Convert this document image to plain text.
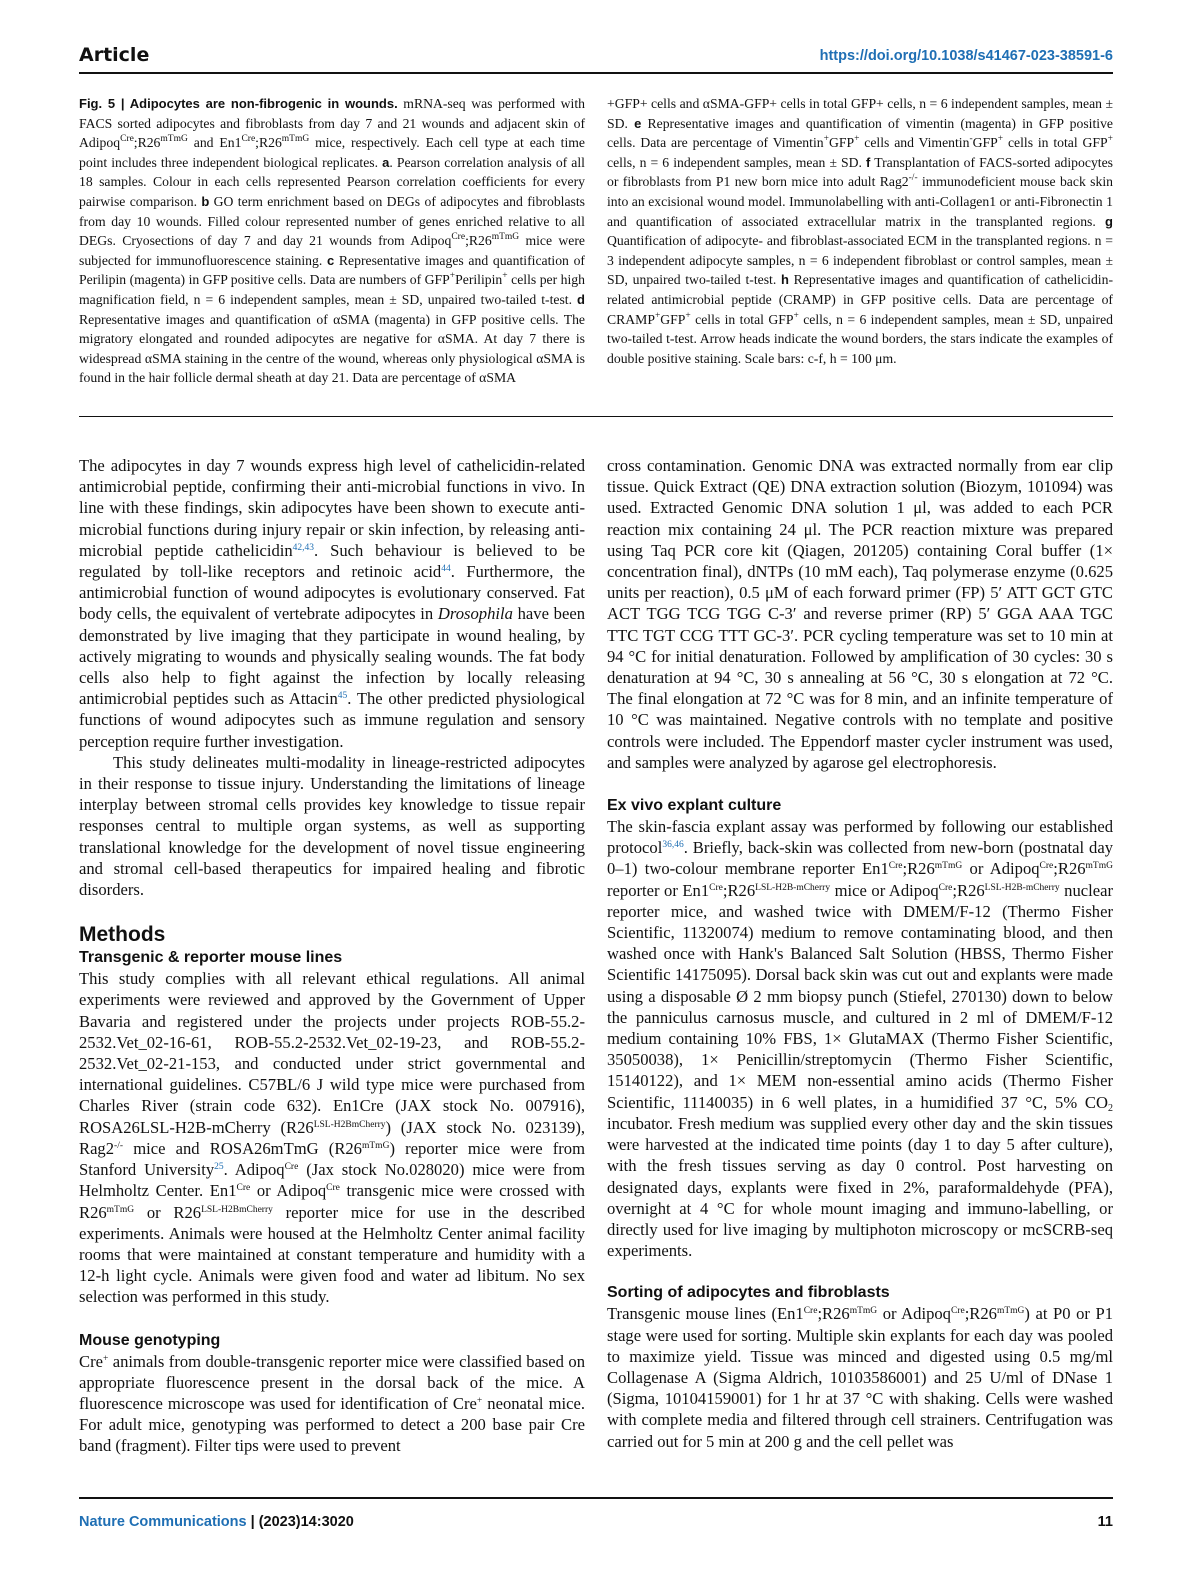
Article	https://doi.org/10.1038/s41467-023-38591-6
Fig. 5 | Adipocytes are non-fibrogenic in wounds. mRNA-seq was performed with FACS sorted adipocytes and fibroblasts from day 7 and 21 wounds and adjacent skin of $Adipoq^{Cre};R26^{mTmG}$ and $En1^{Cre};R26^{mTmG}$ mice, respectively. Each cell type at each time point includes three independent biological replicates. a. Pearson correlation analysis of all 18 samples. Colour in each cells represented Pearson correlation coefficients for every pairwise comparison. b GO term enrichment based on DEGs of adipocytes and fibroblasts from day 10 wounds. Filled colour represented number of genes enriched relative to all DEGs. Cryosections of day 7 and day 21 wounds from $Adipoq^{Cre};R26^{mTmG}$ mice were subjected for immunofluorescence staining. c Representative images and quantification of Perilipin (magenta) in GFP positive cells. Data are numbers of GFP+Perilipin+ cells per high magnification field, n = 6 independent samples, mean ± SD, unpaired two-tailed t-test. d Representative images and quantification of αSMA (magenta) in GFP positive cells. The migratory elongated and rounded adipocytes are negative for αSMA. At day 7 there is widespread αSMA staining in the centre of the wound, whereas only physiological αSMA is found in the hair follicle dermal sheath at day 21. Data are percentage of αSMA
+GFP+ cells and αSMA-GFP+ cells in total GFP+ cells, n = 6 independent samples, mean ± SD. e Representative images and quantification of vimentin (magenta) in GFP positive cells. Data are percentage of Vimentin+GFP+ cells and Vimentin-GFP+ cells in total GFP+ cells, n = 6 independent samples, mean ± SD. f Transplantation of FACS-sorted adipocytes or fibroblasts from P1 new born mice into adult Rag2-/- immunodeficient mouse back skin into an excisional wound model. Immunolabelling with anti-Collagen1 or anti-Fibronectin 1 and quantification of associated extracellular matrix in the transplanted regions. g Quantification of adipocyte- and fibroblast-associated ECM in the transplanted regions. n = 3 independent adipocyte samples, n = 6 independent fibroblast or control samples, mean ± SD, unpaired two-tailed t-test. h Representative images and quantification of cathelicidin-related antimicrobial peptide (CRAMP) in GFP positive cells. Data are percentage of CRAMP+GFP+ cells in total GFP+ cells, n = 6 independent samples, mean ± SD, unpaired two-tailed t-test. Arrow heads indicate the wound borders, the stars indicate the examples of double positive staining. Scale bars: c-f, h = 100 μm.

The adipocytes in day 7 wounds express high level of cathelicidin-related antimicrobial peptide, confirming their anti-microbial functions in vivo. In line with these findings, skin adipocytes have been shown to execute anti-microbial functions during injury repair or skin infection, by releasing anti-microbial peptide cathelicidin$^{42,43}$. Such behaviour is believed to be regulated by toll-like receptors and retinoic acid$^{44}$. Furthermore, the antimicrobial function of wound adipocytes is evolutionary conserved. Fat body cells, the equivalent of vertebrate adipocytes in Drosophila have been demonstrated by live imaging that they participate in wound healing, by actively migrating to wounds and physically sealing wounds. The fat body cells also help to fight against the infection by locally releasing antimicrobial peptides such as Attacin$^{45}$. The other predicted physiological functions of wound adipocytes such as immune regulation and sensory perception require further investigation.

This study delineates multi-modality in lineage-restricted adipocytes in their response to tissue injury. Understanding the limitations of lineage interplay between stromal cells provides key knowledge to tissue repair responses central to multiple organ systems, as well as supporting translational knowledge for the development of novel tissue engineering and stromal cell-based therapeutics for impaired healing and fibrotic disorders.

Methods
Transgenic & reporter mouse lines

This study complies with all relevant ethical regulations. All animal experiments were reviewed and approved by the Government of Upper Bavaria and registered under the projects under projects ROB-55.2-2532.Vet_02-16-61, ROB-55.2-2532.Vet_02-19-23, and ROB-55.2-2532.Vet_02-21-153, and conducted under strict governmental and international guidelines. C57BL/6 J wild type mice were purchased from Charles River (strain code 632). En1Cre (JAX stock No. 007916), ROSA26LSL-H2B-mCherry $(R26^{LSL-H2BmCherry})$ (JAX stock No. 023139), Rag2-/- mice and ROSA26mTmG $(R26^{mTmG})$ reporter mice were from Stanford University$^{25}$. Adipoq$^{Cre}$ (Jax stock No.028020) mice were from Helmholtz Center. $En1^{Cre}$ or Adipoq$^{Cre}$ transgenic mice were crossed with $R26^{mTmG}$ or $R26^{LSL-H2BmCherry}$ reporter mice for use in the described experiments. Animals were housed at the Helmholtz Center animal facility rooms that were maintained at constant temperature and humidity with a 12-h light cycle. Animals were given food and water ad libitum. No sex selection was performed in this study.

Mouse genotyping

Cre+ animals from double-transgenic reporter mice were classified based on appropriate fluorescence present in the dorsal back of the mice. A fluorescence microscope was used for identification of Cre+ neonatal mice. For adult mice, genotyping was performed to detect a 200 base pair Cre band (fragment). Filter tips were used to prevent

cross contamination. Genomic DNA was extracted normally from ear clip tissue. Quick Extract (QE) DNA extraction solution (Biozym, 101094) was used. Extracted Genomic DNA solution 1 μl, was added to each PCR reaction mix containing 24 μl. The PCR reaction mixture was prepared using Taq PCR core kit (Qiagen, 201205) containing Coral buffer (1× concentration final), dNTPs (10 mM each), Taq polymerase enzyme (0.625 units per reaction), 0.5 μM of each forward primer (FP) 5′ ATT GCT GTC ACT TGG TCG TGG C-3′ and reverse primer (RP) 5′ GGA AAA TGC TTC TGT CCG TTT GC-3′. PCR cycling temperature was set to 10 min at 94 °C for initial denaturation. Followed by amplification of 30 cycles: 30 s denaturation at 94 °C, 30 s annealing at 56 °C, 30 s elongation at 72 °C. The final elongation at 72 °C was for 8 min, and an infinite temperature of 10 °C was maintained. Negative controls with no template and positive controls were included. The Eppendorf master cycler instrument was used, and samples were analyzed by agarose gel electrophoresis.

Ex vivo explant culture

The skin-fascia explant assay was performed by following our established protocol$^{36,46}$. Briefly, back-skin was collected from new-born (postnatal day 0–1) two-colour membrane reporter $En1^{Cre};R26^{mTmG}$ or $Adipoq^{Cre};R26^{mTmG}$ reporter or $En1^{Cre};R26^{LSL-H2B-mCherry}$ mice or $Adipoq^{Cre};R26^{LSL-H2B-mCherry}$ nuclear reporter mice, and washed twice with DMEM/F-12 (Thermo Fisher Scientific, 11320074) medium to remove contaminating blood, and then washed once with Hank's Balanced Salt Solution (HBSS, Thermo Fisher Scientific 14175095). Dorsal back skin was cut out and explants were made using a disposable Ø 2 mm biopsy punch (Stiefel, 270130) down to below the panniculus carnosus muscle, and cultured in 2 ml of DMEM/F-12 medium containing 10% FBS, 1× GlutaMAX (Thermo Fisher Scientific, 35050038), 1× Penicillin/streptomycin (Thermo Fisher Scientific, 15140122), and 1× MEM non-essential amino acids (Thermo Fisher Scientific, 11140035) in 6 well plates, in a humidified 37 °C, 5% $CO_2$ incubator. Fresh medium was supplied every other day and the skin tissues were harvested at the indicated time points (day 1 to day 5 after culture), with the fresh tissues serving as day 0 control. Post harvesting on designated days, explants were fixed in 2%, paraformaldehyde (PFA), overnight at 4 °C for whole mount imaging and immuno-labelling, or directly used for live imaging by multiphoton microscopy or mcSCRB-seq experiments.

Sorting of adipocytes and fibroblasts

Transgenic mouse lines ($En1^{Cre};R26^{mTmG}$ or $Adipoq^{Cre};R26^{mTmG}$) at P0 or P1 stage were used for sorting. Multiple skin explants for each day was pooled to maximize yield. Tissue was minced and digested using 0.5 mg/ml Collagenase A (Sigma Aldrich, 10103586001) and 25 U/ml of DNase 1 (Sigma, 10104159001) for 1 hr at 37 °C with shaking. Cells were washed with complete media and filtered through cell strainers. Centrifugation was carried out for 5 min at 200 g and the cell pellet was

Nature Communications | (2023)14:3020	11
